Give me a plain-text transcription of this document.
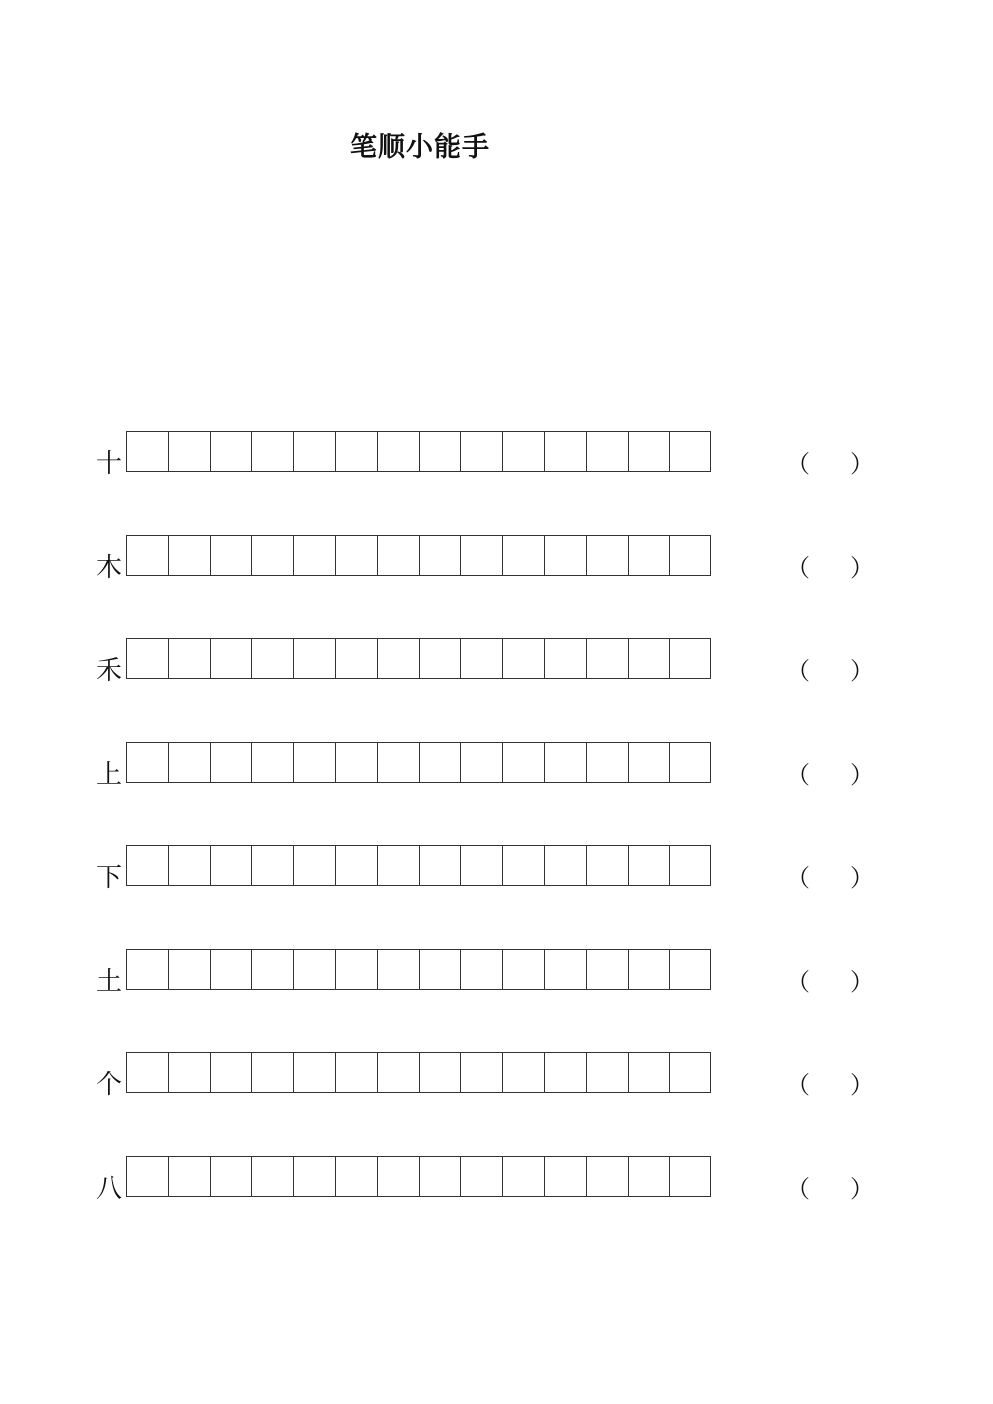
笔顺小能手
十	（ ）
木	（ ）
禾	（ ）
上	（ ）
下	（ ）
土	（ ）
个	（ ）
八	（ ）
